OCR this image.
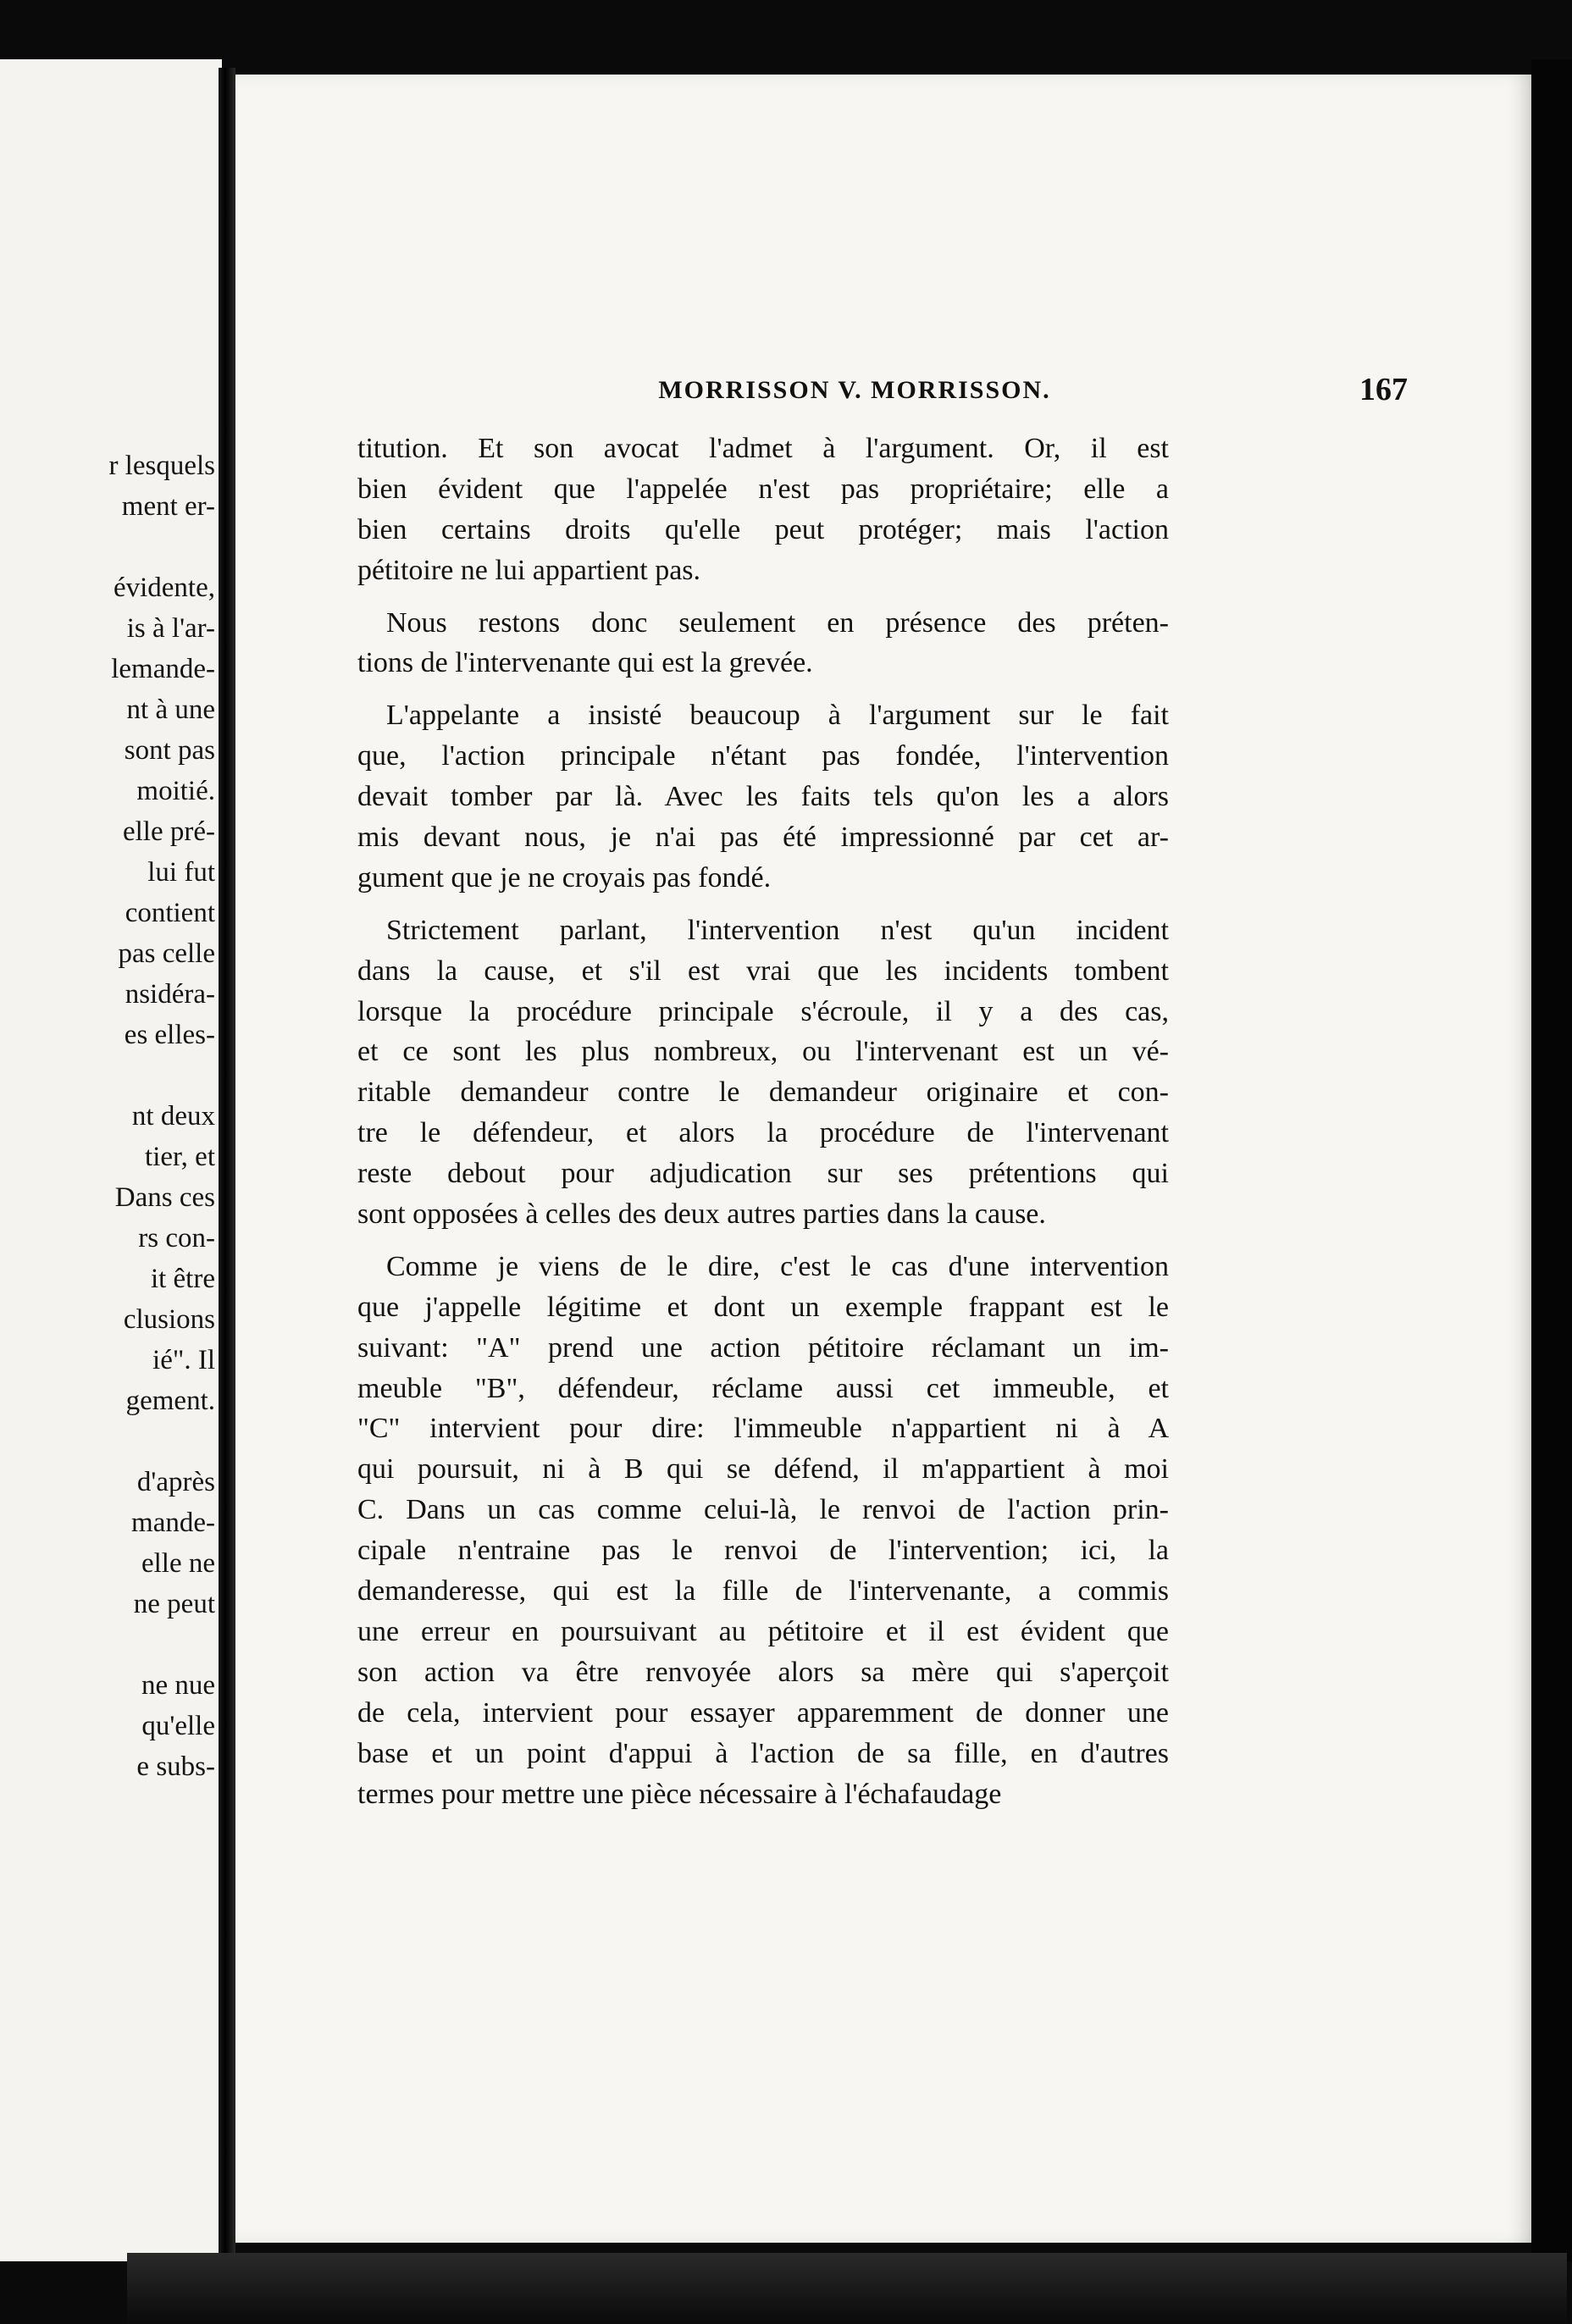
r lesquels
ment er-
évidente,
is à l'ar-
lemande-
nt à une
sont pas
moitié.
elle pré-
lui fut
contient
pas celle
nsidéra-
es elles-
nt deux
tier, et
Dans ces
rs con-
it être
clusions
ié". Il
gement.
d'après
mande-
elle ne
ne peut
ne nue
qu'elle
e subs-
MORRISSON V. MORRISSON.	167

titution. Et son avocat l'admet à l'argument. Or, il est
bien évident que l'appelée n'est pas propriétaire; elle a
bien certains droits qu'elle peut protéger; mais l'action
pétitoire ne lui appartient pas.

Nous restons donc seulement en présence des préten-
tions de l'intervenante qui est la grevée.

L'appelante a insisté beaucoup à l'argument sur le fait
que, l'action principale n'étant pas fondée, l'intervention
devait tomber par là. Avec les faits tels qu'on les a alors
mis devant nous, je n'ai pas été impressionné par cet ar-
gument que je ne croyais pas fondé.

Strictement parlant, l'intervention n'est qu'un incident
dans la cause, et s'il est vrai que les incidents tombent
lorsque la procédure principale s'écroule, il y a des cas,
et ce sont les plus nombreux, ou l'intervenant est un vé-
ritable demandeur contre le demandeur originaire et con-
tre le défendeur, et alors la procédure de l'intervenant
reste debout pour adjudication sur ses prétentions qui
sont opposées à celles des deux autres parties dans la cause.

Comme je viens de le dire, c'est le cas d'une intervention
que j'appelle légitime et dont un exemple frappant est le
suivant: "A" prend une action pétitoire réclamant un im-
meuble "B", défendeur, réclame aussi cet immeuble, et
"C" intervient pour dire: l'immeuble n'appartient ni à A
qui poursuit, ni à B qui se défend, il m'appartient à moi
C. Dans un cas comme celui-là, le renvoi de l'action prin-
cipale n'entraine pas le renvoi de l'intervention; ici, la
demanderesse, qui est la fille de l'intervenante, a commis
une erreur en poursuivant au pétitoire et il est évident que
son action va être renvoyée alors sa mère qui s'aperçoit
de cela, intervient pour essayer apparemment de donner une
base et un point d'appui à l'action de sa fille, en d'autres
termes pour mettre une pièce nécessaire à l'échafaudage
